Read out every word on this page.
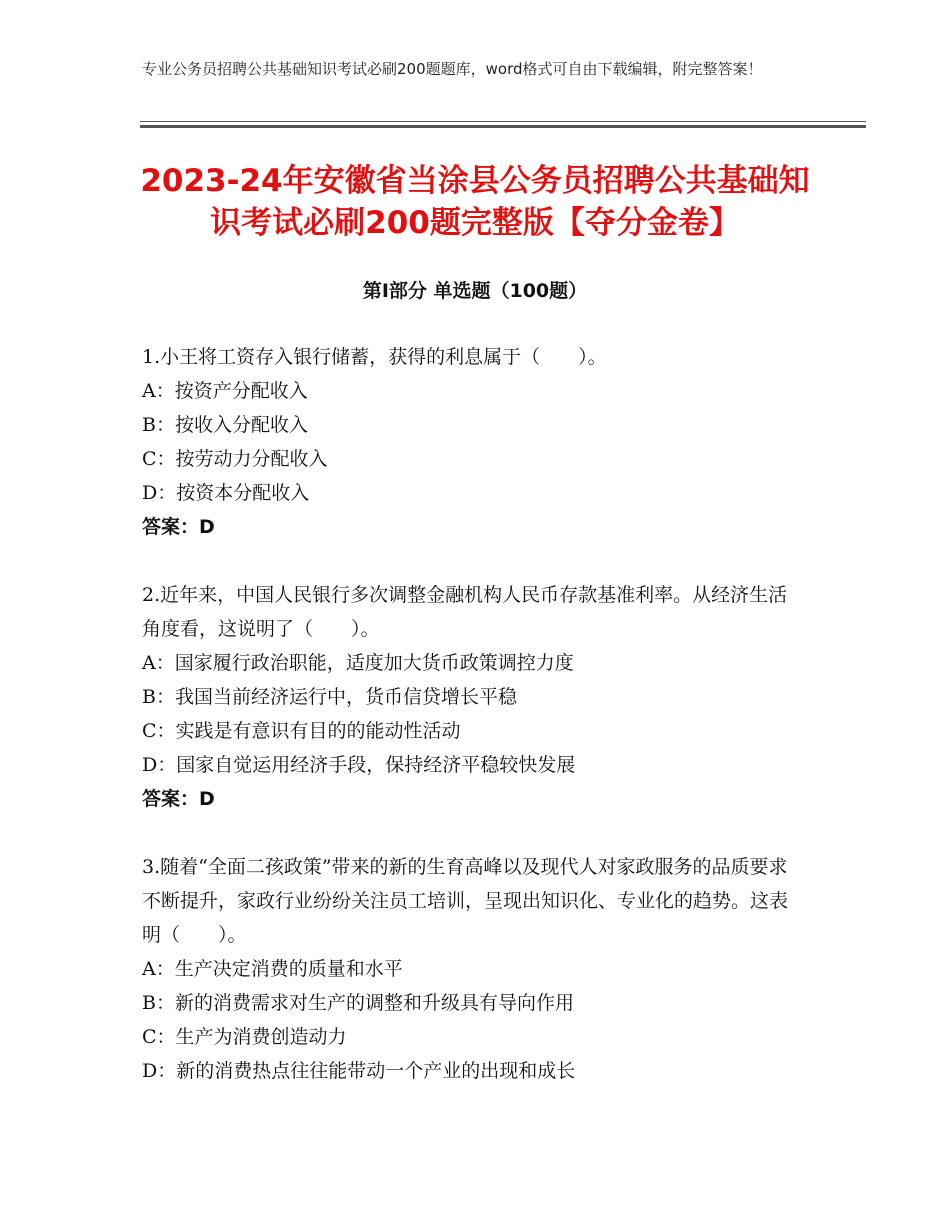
专业公务员招聘公共基础知识考试必刷200题题库，word格式可自由下载编辑，附完整答案！
2023-24年安徽省当涂县公务员招聘公共基础知识考试必刷200题完整版【夺分金卷】
第Ⅰ部分 单选题（100题）
1.小王将工资存入银行储蓄，获得的利息属于（　　）。
A：按资产分配收入
B：按收入分配收入
C：按劳动力分配收入
D：按资本分配收入
答案：D
2.近年来，中国人民银行多次调整金融机构人民币存款基准利率。从经济生活角度看，这说明了（　　）。
A：国家履行政治职能，适度加大货币政策调控力度
B：我国当前经济运行中，货币信贷增长平稳
C：实践是有意识有目的的能动性活动
D：国家自觉运用经济手段，保持经济平稳较快发展
答案：D
3.随着“全面二孩政策”带来的新的生育高峰以及现代人对家政服务的品质要求不断提升，家政行业纷纷关注员工培训，呈现出知识化、专业化的趋势。这表明（　　）。
A：生产决定消费的质量和水平
B：新的消费需求对生产的调整和升级具有导向作用
C：生产为消费创造动力
D：新的消费热点往往能带动一个产业的出现和成长
